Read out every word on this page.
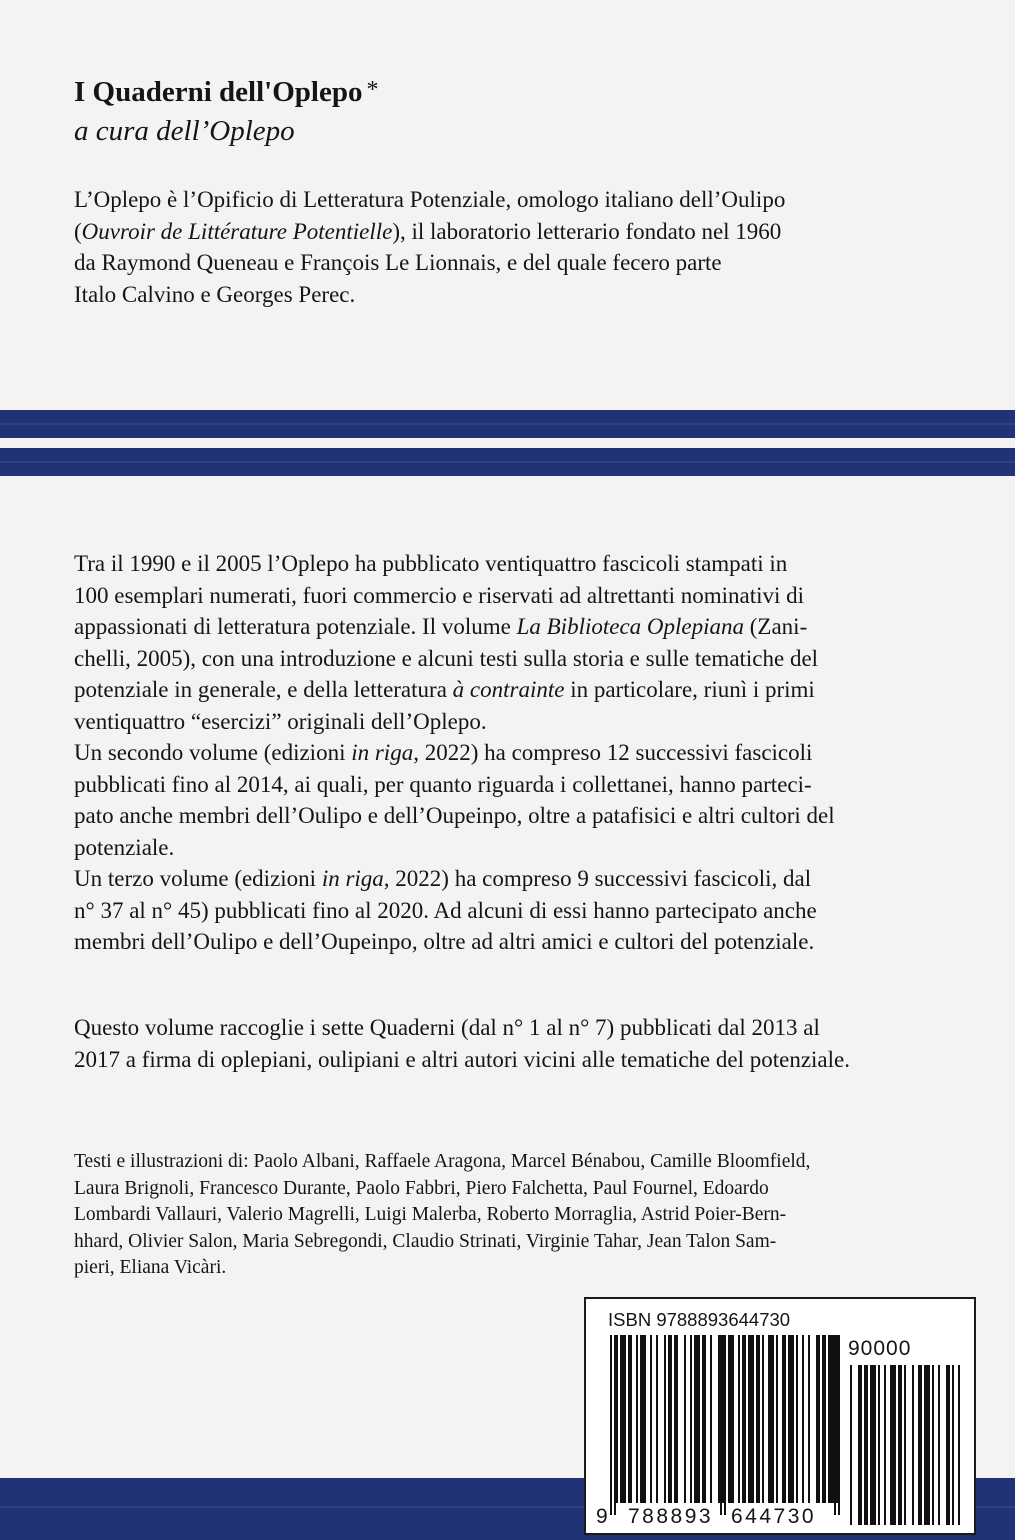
I Quaderni dell'Oplepo *

a cura dell’Oplepo

L’Oplepo è l’Opificio di Letteratura Potenziale, omologo italiano dell’Oulipo
(Ouvroir de Littérature Potentielle), il laboratorio letterario fondato nel 1960
da Raymond Queneau e François Le Lionnais, e del quale fecero parte
Italo Calvino e Georges Perec.

Tra il 1990 e il 2005 l’Oplepo ha pubblicato ventiquattro fascicoli stampati in
100 esemplari numerati, fuori commercio e riservati ad altrettanti nominativi di
appassionati di letteratura potenziale. Il volume La Biblioteca Oplepiana (Zani-
chelli, 2005), con una introduzione e alcuni testi sulla storia e sulle tematiche del
potenziale in generale, e della letteratura à contrainte in particolare, riunì i primi
ventiquattro “esercizi” originali dell’Oplepo.
Un secondo volume (edizioni in riga, 2022) ha compreso 12 successivi fascicoli
pubblicati fino al 2014, ai quali, per quanto riguarda i collettanei, hanno parteci-
pato anche membri dell’Oulipo e dell’Oupeinpo, oltre a patafisici e altri cultori del
potenziale.
Un terzo volume (edizioni in riga, 2022) ha compreso 9 successivi fascicoli, dal
n° 37 al n° 45) pubblicati fino al 2020. Ad alcuni di essi hanno partecipato anche
membri dell’Oulipo e dell’Oupeinpo, oltre ad altri amici e cultori del potenziale.

Questo volume raccoglie i sette Quaderni (dal n° 1 al n° 7) pubblicati dal 2013 al
2017 a firma di oplepiani, oulipiani e altri autori vicini alle tematiche del potenziale.

Testi e illustrazioni di: Paolo Albani, Raffaele Aragona, Marcel Bénabou, Camille Bloomfield,
Laura Brignoli, Francesco Durante, Paolo Fabbri, Piero Falchetta, Paul Fournel, Edoardo
Lombardi Vallauri, Valerio Magrelli, Luigi Malerba, Roberto Morraglia, Astrid Poier-Bern-
hhard, Olivier Salon, Maria Sebregondi, Claudio Strinati, Virginie Tahar, Jean Talon Sam-
pieri, Eliana Vicàri.

ISBN 9788893644730
90000
9 788893 644730
